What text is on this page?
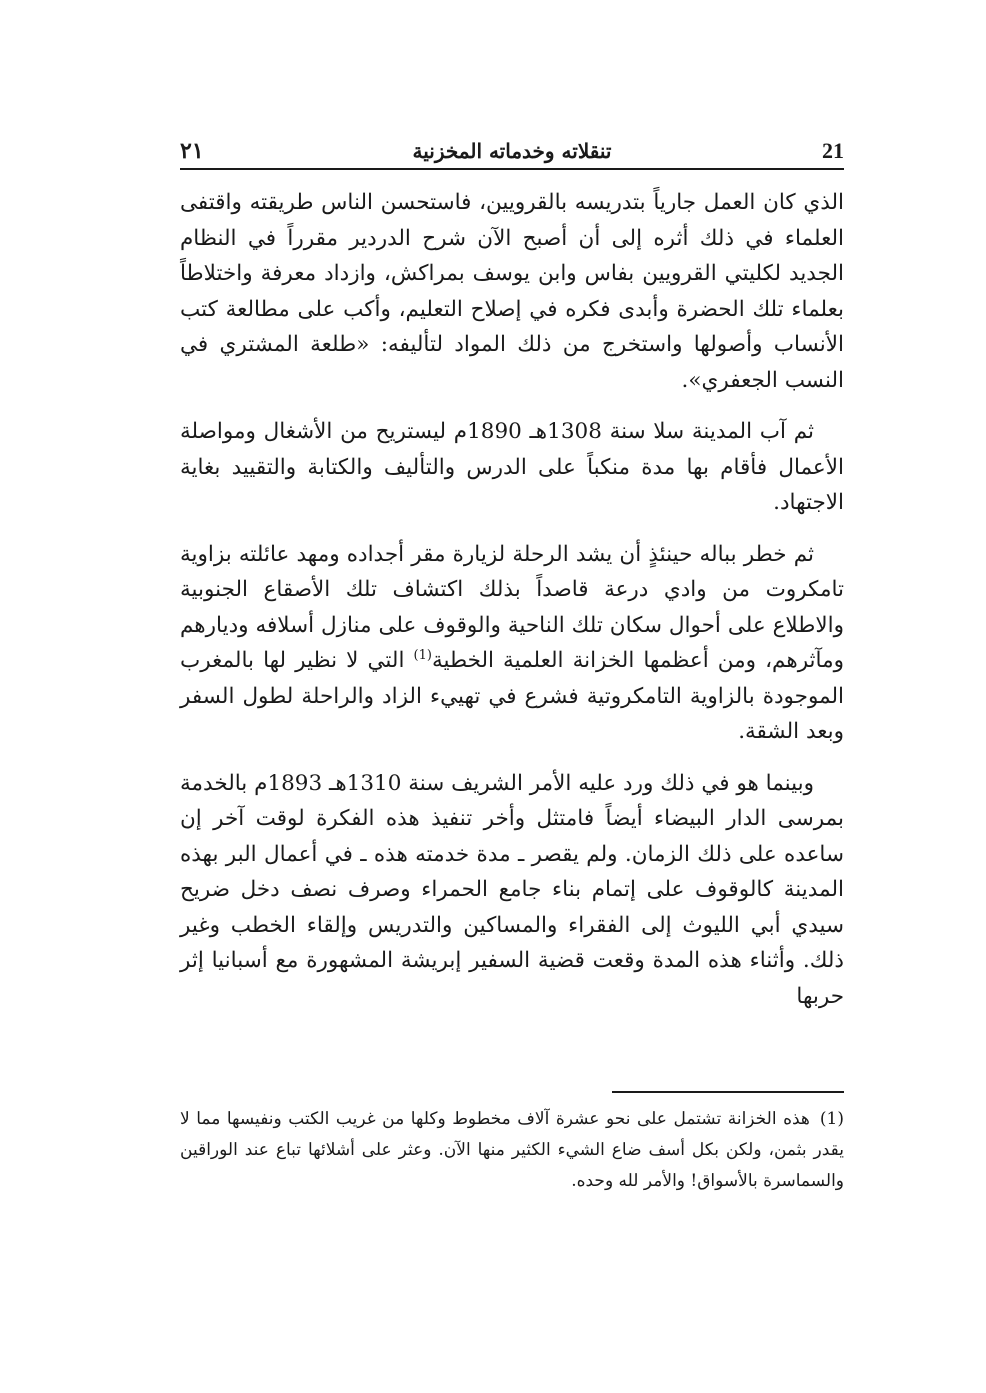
٢١	تنقلاته وخدماته المخزنية	21

الذي كان العمل جارياً بتدريسه بالقرويين، فاستحسن الناس طريقته واقتفى العلماء في ذلك أثره إلى أن أصبح الآن شرح الدردير مقرراً في النظام الجديد لكليتي القرويين بفاس وابن يوسف بمراكش، وازداد معرفة واختلاطاً بعلماء تلك الحضرة وأبدى فكره في إصلاح التعليم، وأكب على مطالعة كتب الأنساب وأصولها واستخرج من ذلك المواد لتأليفه: «طلعة المشتري في النسب الجعفري».

ثم آب المدينة سلا سنة 1308هـ 1890م ليستريح من الأشغال ومواصلة الأعمال فأقام بها مدة منكباً على الدرس والتأليف والكتابة والتقييد بغاية الاجتهاد.

ثم خطر بباله حينئذٍ أن يشد الرحلة لزيارة مقر أجداده ومهد عائلته بزاوية تامكروت من وادي درعة قاصداً بذلك اكتشاف تلك الأصقاع الجنوبية والاطلاع على أحوال سكان تلك الناحية والوقوف على منازل أسلافه وديارهم ومآثرهم، ومن أعظمها الخزانة العلمية الخطية$^{(1)}$ التي لا نظير لها بالمغرب الموجودة بالزاوية التامكروتية فشرع في تهييء الزاد والراحلة لطول السفر وبعد الشقة.

وبينما هو في ذلك ورد عليه الأمر الشريف سنة 1310هـ 1893م بالخدمة بمرسى الدار البيضاء أيضاً فامتثل وأخر تنفيذ هذه الفكرة لوقت آخر إن ساعده على ذلك الزمان. ولم يقصر ـ مدة خدمته هذه ـ في أعمال البر بهذه المدينة كالوقوف على إتمام بناء جامع الحمراء وصرف نصف دخل ضريح سيدي أبي الليوث إلى الفقراء والمساكين والتدريس وإلقاء الخطب وغير ذلك. وأثناء هذه المدة وقعت قضية السفير إبريشة المشهورة مع أسبانيا إثر حربها

(1)هذه الخزانة تشتمل على نحو عشرة آلاف مخطوط وكلها من غريب الكتب ونفيسها مما لا يقدر بثمن، ولكن بكل أسف ضاع الشيء الكثير منها الآن. وعثر على أشلائها تباع عند الوراقين والسماسرة بالأسواق! والأمر لله وحده.
